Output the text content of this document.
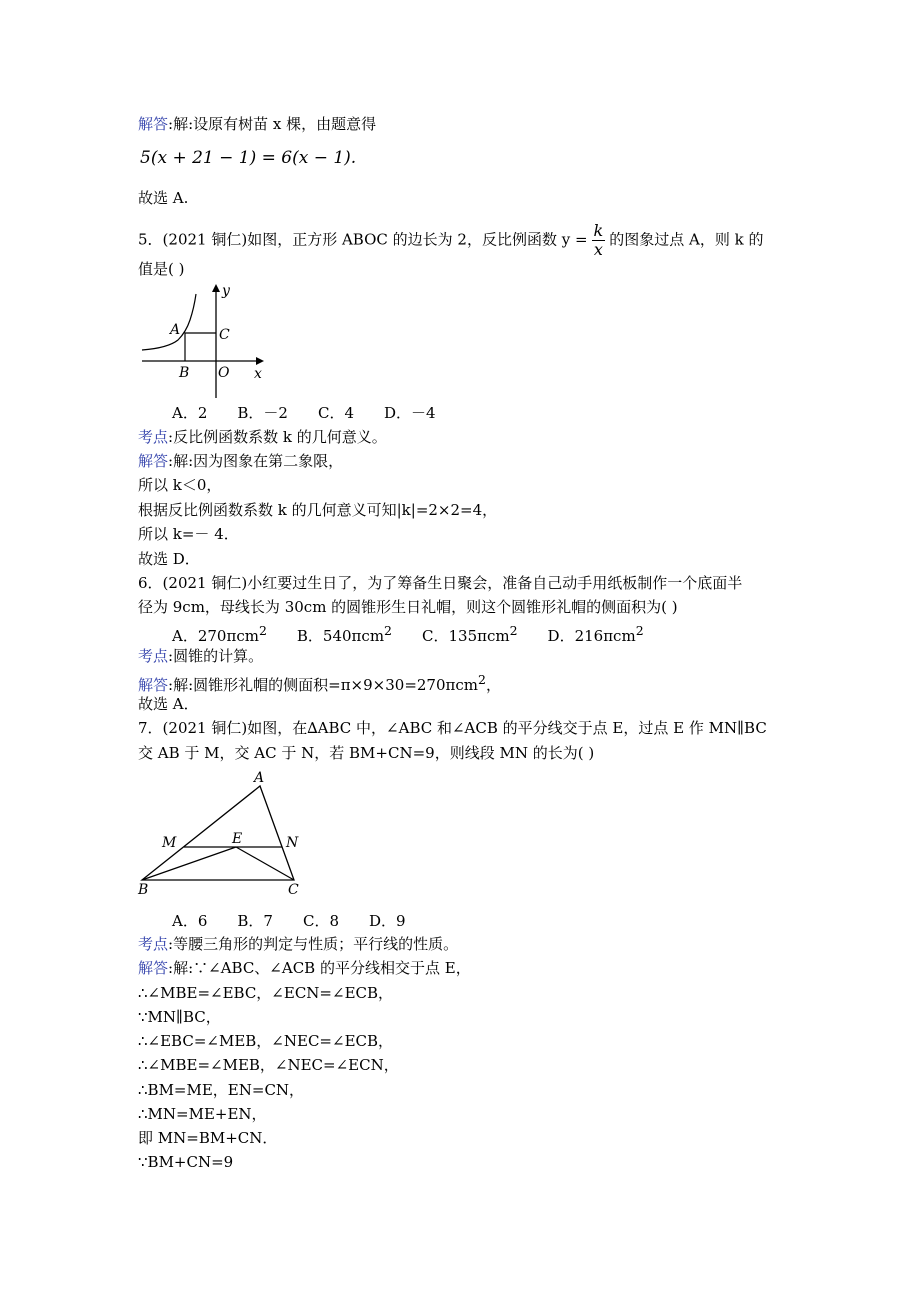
解答:解:设原有树苗 x 棵，由题意得
5(x + 21 − 1) = 6(x − 1).
故选 A.
5．(2021 铜仁)如图，正方形 ABOC 的边长为 2，反比例函数 $y = \frac{k}{x}$ 的图象过点 A，则 k 的
值是( )
y
A	C
B O x
A．2 B．－2 C．4 D．－4
考点:反比例函数系数 k 的几何意义。
解答:解:因为图象在第二象限，
所以 k＜0，
根据反比例函数系数 k 的几何意义可知|k|=2×2=4，
所以 k=－ 4．
故选 D．
6．(2021 铜仁)小红要过生日了，为了筹备生日聚会，准备自己动手用纸板制作一个底面半
径为 9cm，母线长为 30cm 的圆锥形生日礼帽，则这个圆锥形礼帽的侧面积为( )
A．270πcm$^2$ B．540πcm$^2$ C．135πcm$^2$ D．216πcm$^2$
考点:圆锥的计算。
解答:解:圆锥形礼帽的侧面积=π×9×30=270πcm$^2$，
故选 A．
7．(2021 铜仁)如图，在∆ABC 中，∠ABC 和∠ACB 的平分线交于点 E，过点 E 作 MN∥BC
交 AB 于 M，交 AC 于 N，若 BM+CN=9，则线段 MN 的长为( )
A
M	E	N
B	C
A．6 B．7 C．8 D．9
考点:等腰三角形的判定与性质；平行线的性质。
解答:解:∵∠ABC、∠ACB 的平分线相交于点 E，
∴∠MBE=∠EBC，∠ECN=∠ECB，
∵MN∥BC，
∴∠EBC=∠MEB，∠NEC=∠ECB，
∴∠MBE=∠MEB，∠NEC=∠ECN，
∴BM=ME，EN=CN，
∴MN=ME+EN，
即 MN=BM+CN．
∵BM+CN=9
